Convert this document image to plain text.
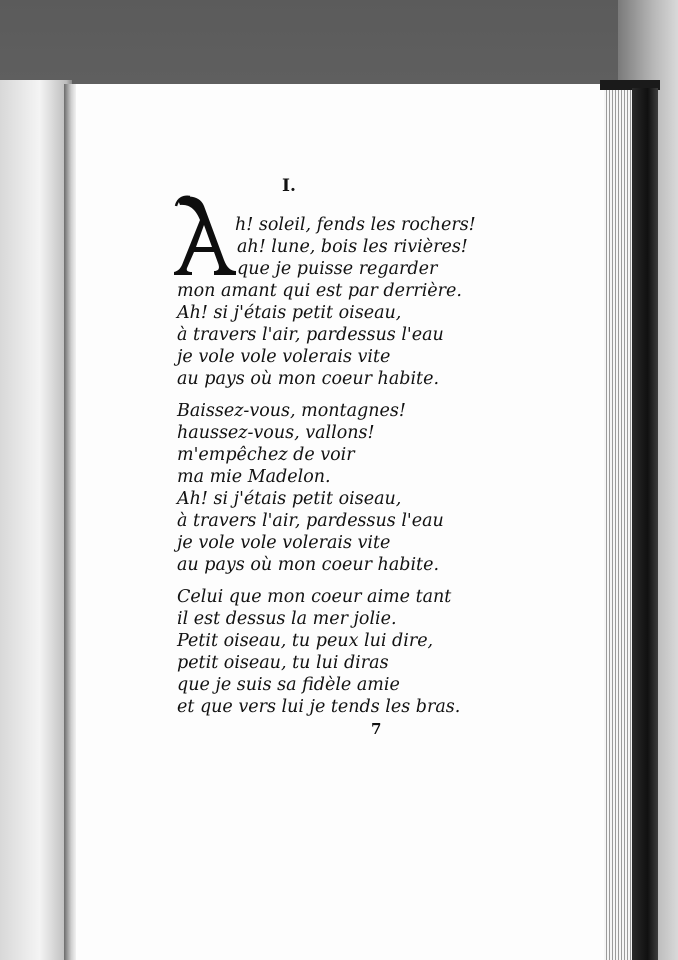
I.
h! soleil, fends les rochers!
ah! lune, bois les rivières!
que je puisse regarder
mon amant qui est par derrière.
Ah! si j'étais petit oiseau,
à travers l'air, pardessus l'eau
je vole vole volerais vite
au pays où mon coeur habite.
Baissez-vous, montagnes!
haussez-vous, vallons!
m'empêchez de voir
ma mie Madelon.
Ah! si j'étais petit oiseau,
à travers l'air, pardessus l'eau
je vole vole volerais vite
au pays où mon coeur habite.
Celui que mon coeur aime tant
il est dessus la mer jolie.
Petit oiseau, tu peux lui dire,
petit oiseau, tu lui diras
que je suis sa fidèle amie
et que vers lui je tends les bras.
7
